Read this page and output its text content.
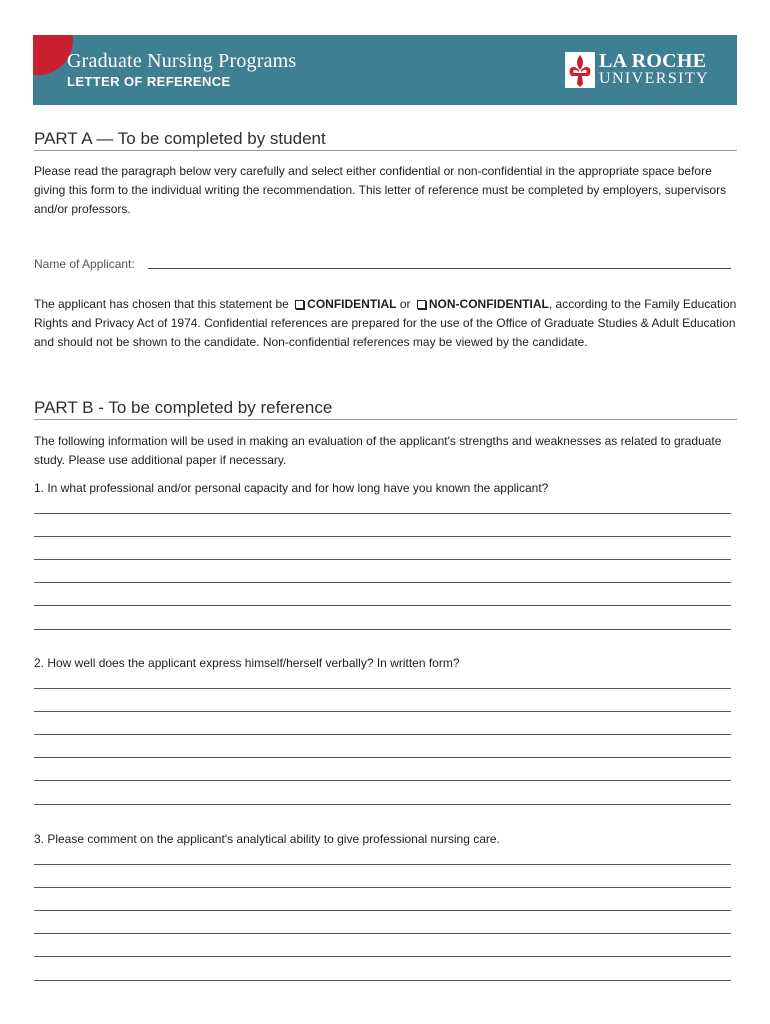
Graduate Nursing Programs
LETTER OF REFERENCE
LA ROCHE
UNIVERSITY
PART A — To be completed by student
Please read the paragraph below very carefully and select either confidential or non-confidential in the appropriate space before giving this form to the individual writing the recommendation. This letter of reference must be completed by employers, supervisors and/or professors.
Name of Applicant:
The applicant has chosen that this statement be CONFIDENTIAL or NON-CONFIDENTIAL, according to the Family Education Rights and Privacy Act of 1974. Confidential references are prepared for the use of the Office of Graduate Studies & Adult Education and should not be shown to the candidate. Non-confidential references may be viewed by the candidate.
PART B - To be completed by reference
The following information will be used in making an evaluation of the applicant's strengths and weaknesses as related to graduate study. Please use additional paper if necessary.
1. In what professional and/or personal capacity and for how long have you known the applicant?
2. How well does the applicant express himself/herself verbally? In written form?
3. Please comment on the applicant's analytical ability to give professional nursing care.
